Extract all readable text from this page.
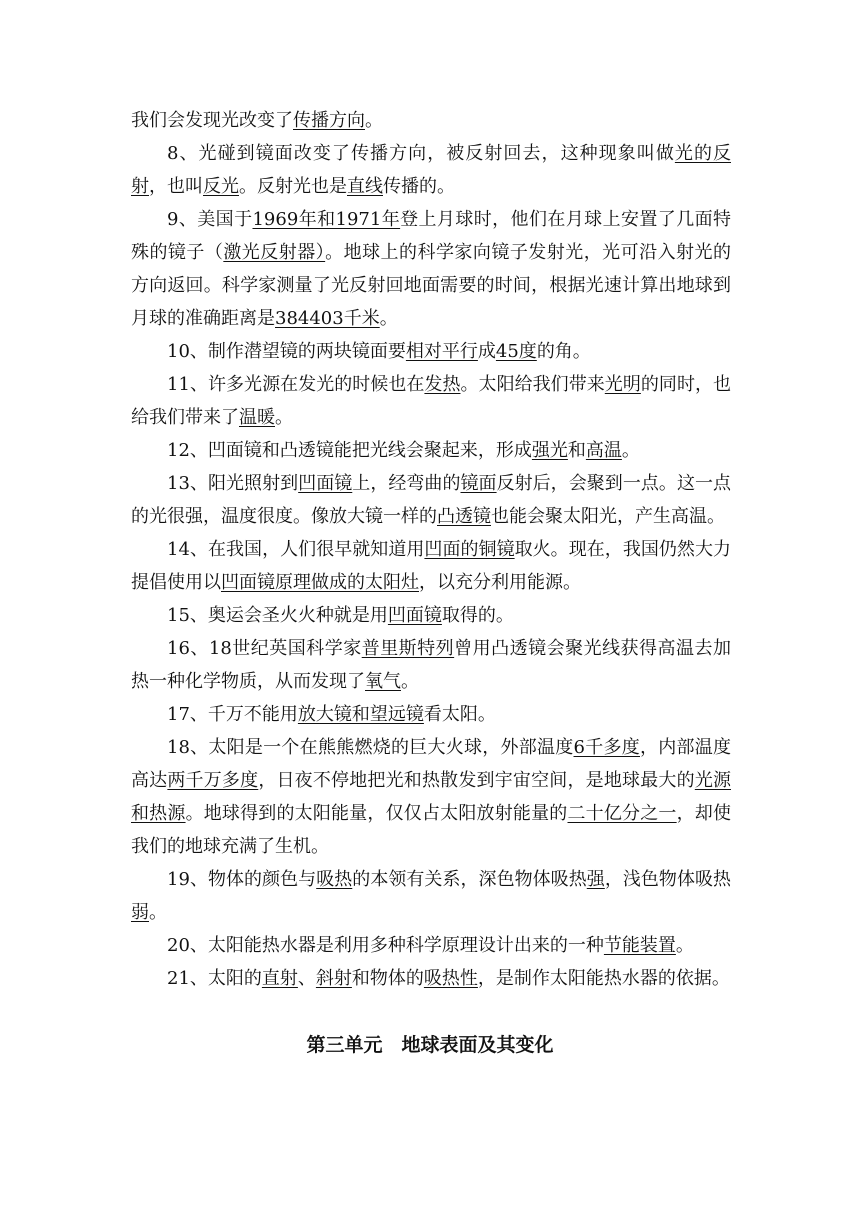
我们会发现光改变了传播方向。

8、光碰到镜面改变了传播方向，被反射回去，这种现象叫做光的反射，也叫反光。反射光也是直线传播的。

9、美国于1969年和1971年登上月球时，他们在月球上安置了几面特殊的镜子（激光反射器）。地球上的科学家向镜子发射光，光可沿入射光的方向返回。科学家测量了光反射回地面需要的时间，根据光速计算出地球到月球的准确距离是384403千米。

10、制作潜望镜的两块镜面要相对平行成45度的角。

11、许多光源在发光的时候也在发热。太阳给我们带来光明的同时，也给我们带来了温暖。

12、凹面镜和凸透镜能把光线会聚起来，形成强光和高温。

13、阳光照射到凹面镜上，经弯曲的镜面反射后，会聚到一点。这一点的光很强，温度很度。像放大镜一样的凸透镜也能会聚太阳光，产生高温。

14、在我国，人们很早就知道用凹面的铜镜取火。现在，我国仍然大力提倡使用以凹面镜原理做成的太阳灶，以充分利用能源。

15、奥运会圣火火种就是用凹面镜取得的。

16、18世纪英国科学家普里斯特列曾用凸透镜会聚光线获得高温去加热一种化学物质，从而发现了氧气。

17、千万不能用放大镜和望远镜看太阳。

18、太阳是一个在熊熊燃烧的巨大火球，外部温度6千多度，内部温度高达两千万多度，日夜不停地把光和热散发到宇宙空间，是地球最大的光源和热源。地球得到的太阳能量，仅仅占太阳放射能量的二十亿分之一，却使我们的地球充满了生机。

19、物体的颜色与吸热的本领有关系，深色物体吸热强，浅色物体吸热弱。

20、太阳能热水器是利用多种科学原理设计出来的一种节能装置。

21、太阳的直射、斜射和物体的吸热性，是制作太阳能热水器的依据。

第三单元　地球表面及其变化
